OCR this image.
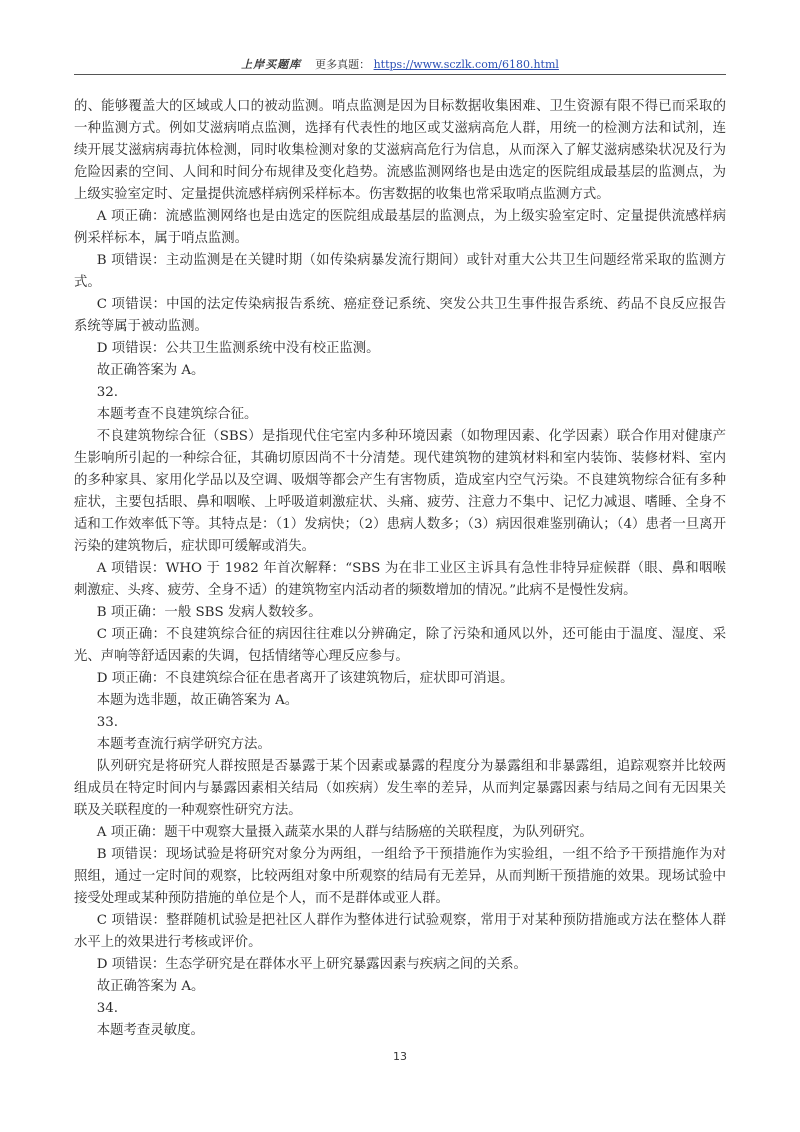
上岸买题库 更多真题： https://www.sczlk.com/6180.html

的、能够覆盖大的区域或人口的被动监测。哨点监测是因为目标数据收集困难、卫生资源有限不得已而采取的一种监测方式。例如艾滋病哨点监测，选择有代表性的地区或艾滋病高危人群，用统一的检测方法和试剂，连续开展艾滋病病毒抗体检测，同时收集检测对象的艾滋病高危行为信息，从而深入了解艾滋病感染状况及行为危险因素的空间、人间和时间分布规律及变化趋势。流感监测网络也是由选定的医院组成最基层的监测点，为上级实验室定时、定量提供流感样病例采样标本。伤害数据的收集也常采取哨点监测方式。

A 项正确：流感监测网络也是由选定的医院组成最基层的监测点，为上级实验室定时、定量提供流感样病例采样标本，属于哨点监测。

B 项错误：主动监测是在关键时期（如传染病暴发流行期间）或针对重大公共卫生问题经常采取的监测方式。

C 项错误：中国的法定传染病报告系统、癌症登记系统、突发公共卫生事件报告系统、药品不良反应报告系统等属于被动监测。

D 项错误：公共卫生监测系统中没有校正监测。

故正确答案为 A。

32.

本题考查不良建筑综合征。

不良建筑物综合征（SBS）是指现代住宅室内多种环境因素（如物理因素、化学因素）联合作用对健康产生影响所引起的一种综合征，其确切原因尚不十分清楚。现代建筑物的建筑材料和室内装饰、装修材料、室内的多种家具、家用化学品以及空调、吸烟等都会产生有害物质，造成室内空气污染。不良建筑物综合征有多种症状，主要包括眼、鼻和咽喉、上呼吸道刺激症状、头痛、疲劳、注意力不集中、记忆力减退、嗜睡、全身不适和工作效率低下等。其特点是：（1）发病快；（2）患病人数多；（3）病因很难鉴别确认；（4）患者一旦离开污染的建筑物后，症状即可缓解或消失。

A 项错误：WHO 于 1982 年首次解释：“SBS 为在非工业区主诉具有急性非特异症候群（眼、鼻和咽喉刺激症、头疼、疲劳、全身不适）的建筑物室内活动者的频数增加的情况。”此病不是慢性发病。

B 项正确：一般 SBS 发病人数较多。

C 项正确：不良建筑综合征的病因往往难以分辨确定，除了污染和通风以外，还可能由于温度、湿度、采光、声响等舒适因素的失调，包括情绪等心理反应参与。

D 项正确：不良建筑综合征在患者离开了该建筑物后，症状即可消退。

本题为选非题，故正确答案为 A。

33.

本题考查流行病学研究方法。

队列研究是将研究人群按照是否暴露于某个因素或暴露的程度分为暴露组和非暴露组，追踪观察并比较两组成员在特定时间内与暴露因素相关结局（如疾病）发生率的差异，从而判定暴露因素与结局之间有无因果关联及关联程度的一种观察性研究方法。

A 项正确：题干中观察大量摄入蔬菜水果的人群与结肠癌的关联程度，为队列研究。

B 项错误：现场试验是将研究对象分为两组，一组给予干预措施作为实验组，一组不给予干预措施作为对照组，通过一定时间的观察，比较两组对象中所观察的结局有无差异，从而判断干预措施的效果。现场试验中接受处理或某种预防措施的单位是个人，而不是群体或亚人群。

C 项错误：整群随机试验是把社区人群作为整体进行试验观察，常用于对某种预防措施或方法在整体人群水平上的效果进行考核或评价。

D 项错误：生态学研究是在群体水平上研究暴露因素与疾病之间的关系。

故正确答案为 A。

34.

本题考查灵敏度。

13
